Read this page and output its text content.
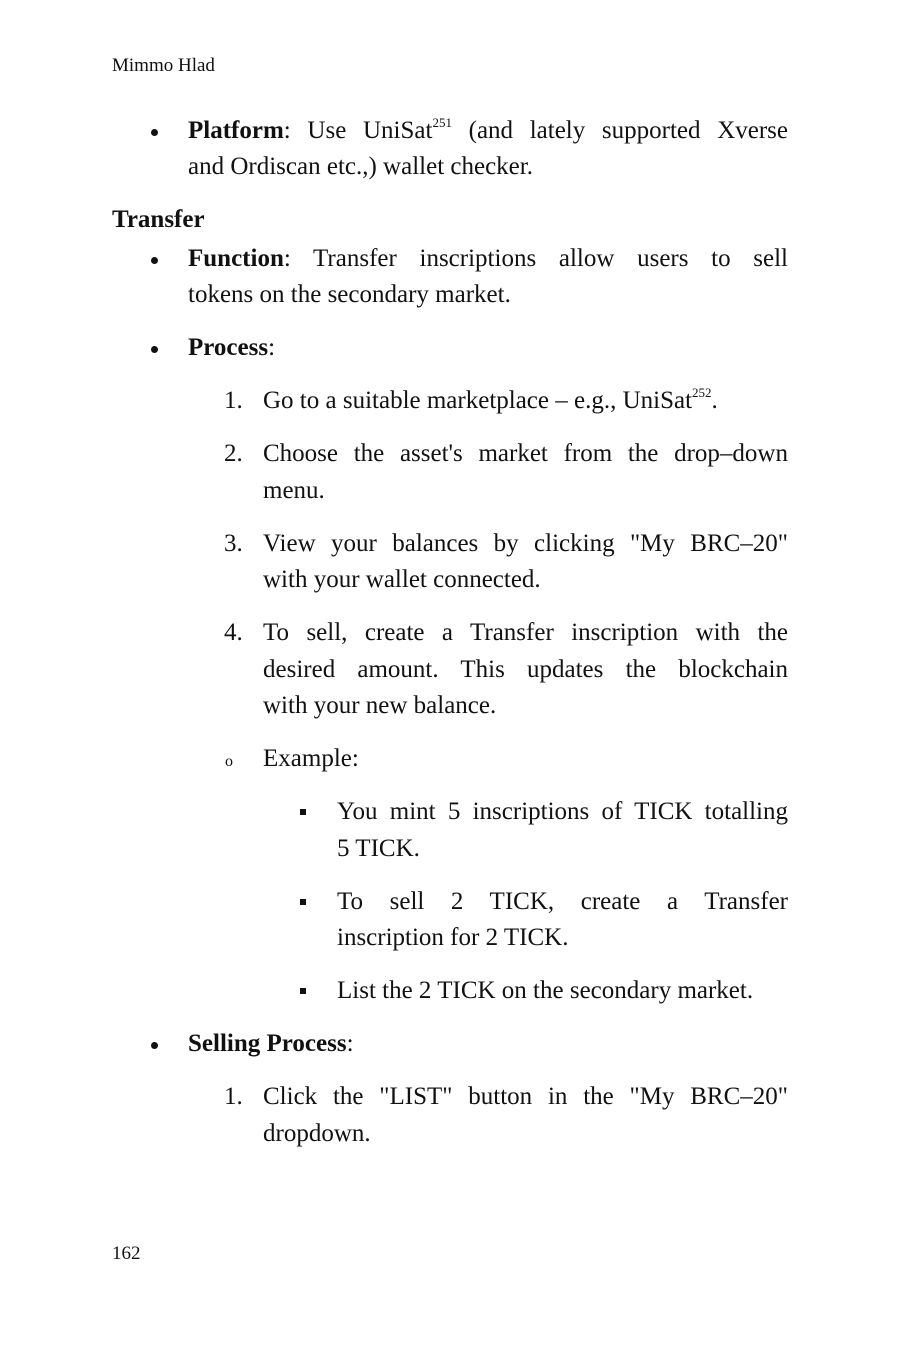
Mimmo Hlad
Platform: Use UniSat$^{251}$ (and lately supported Xverse
and Ordiscan etc.,) wallet checker.
Transfer
Function: Transfer inscriptions allow users to sell
tokens on the secondary market.
Process:
1. Go to a suitable marketplace – e.g., UniSat$^{252}$.
2. Choose the asset's market from the drop–down
menu.
3. View your balances by clicking "My BRC–20"
with your wallet connected.
4. To sell, create a Transfer inscription with the
desired amount. This updates the blockchain
with your new balance.
o Example:
You mint 5 inscriptions of TICK totalling
5 TICK.
To sell 2 TICK, create a Transfer
inscription for 2 TICK.
List the 2 TICK on the secondary market.
Selling Process:
1. Click the "LIST" button in the "My BRC–20"
dropdown.
162
